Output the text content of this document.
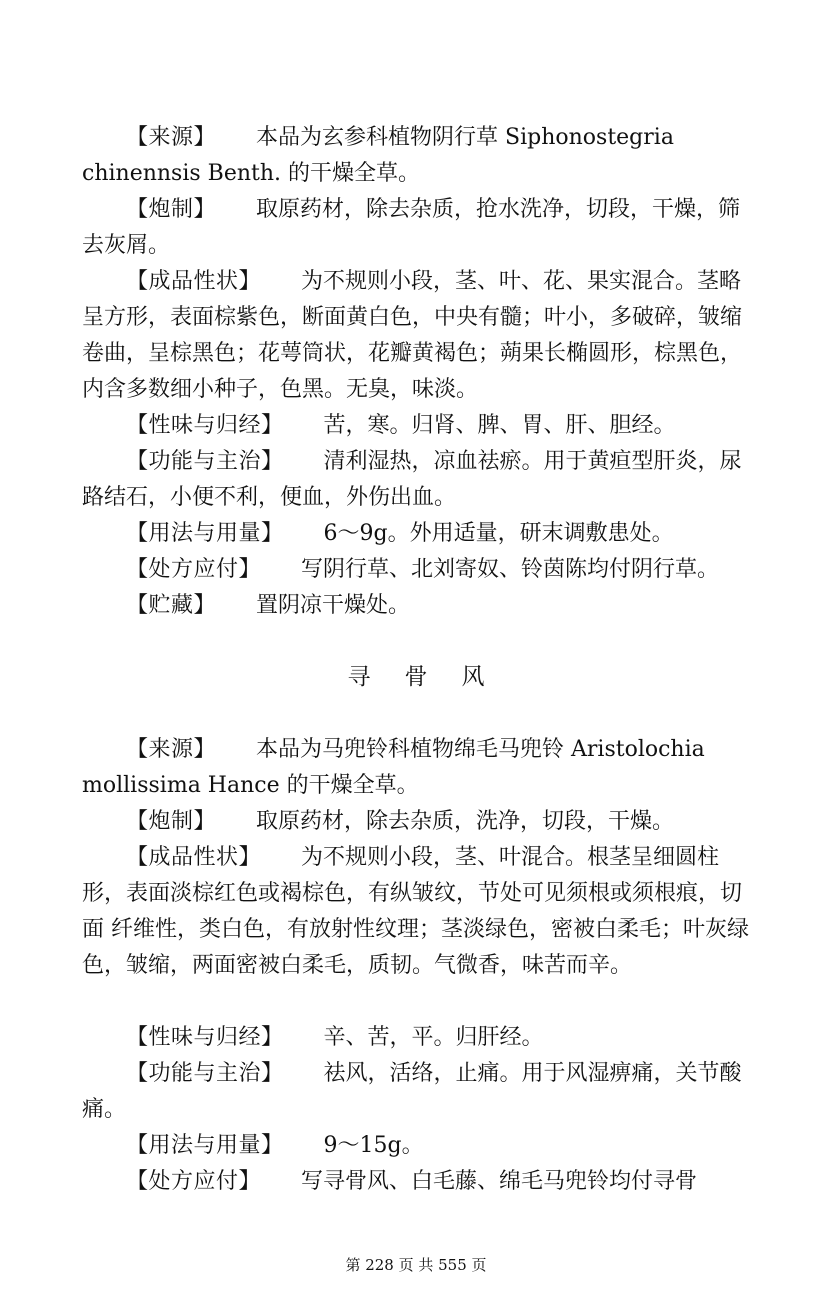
【来源】 本品为玄参科植物阴行草 Siphonostegria chinennsis Benth. 的干燥全草。

【炮制】 取原药材，除去杂质，抢水洗净，切段，干燥，筛去灰屑。

【成品性状】 为不规则小段，茎、叶、花、果实混合。茎略呈方形，表面棕紫色，断面黄白色，中央有髓；叶小，多破碎，皱缩卷曲，呈棕黑色；花萼筒状，花瓣黄褐色；蒴果长椭圆形，棕黑色，内含多数细小种子，色黑。无臭，味淡。

【性味与归经】 苦，寒。归肾、脾、胃、肝、胆经。

【功能与主治】 清利湿热，凉血祛瘀。用于黄疸型肝炎，尿路结石，小便不利，便血，外伤出血。

【用法与用量】 6～9g。外用适量，研末调敷患处。

【处方应付】 写阴行草、北刘寄奴、铃茵陈均付阴行草。

【贮藏】 置阴凉干燥处。

寻骨风

【来源】 本品为马兜铃科植物绵毛马兜铃 Aristolochia mollissima Hance 的干燥全草。

【炮制】 取原药材，除去杂质，洗净，切段，干燥。

【成品性状】 为不规则小段，茎、叶混合。根茎呈细圆柱形，表面淡棕红色或褐棕色，有纵皱纹，节处可见须根或须根痕，切面 纤维性，类白色，有放射性纹理；茎淡绿色，密被白柔毛；叶灰绿色，皱缩，两面密被白柔毛，质韧。气微香，味苦而辛。

【性味与归经】 辛、苦，平。归肝经。

【功能与主治】 祛风，活络，止痛。用于风湿痹痛，关节酸痛。

【用法与用量】 9～15g。

【处方应付】 写寻骨风、白毛藤、绵毛马兜铃均付寻骨

第 228 页 共 555 页
